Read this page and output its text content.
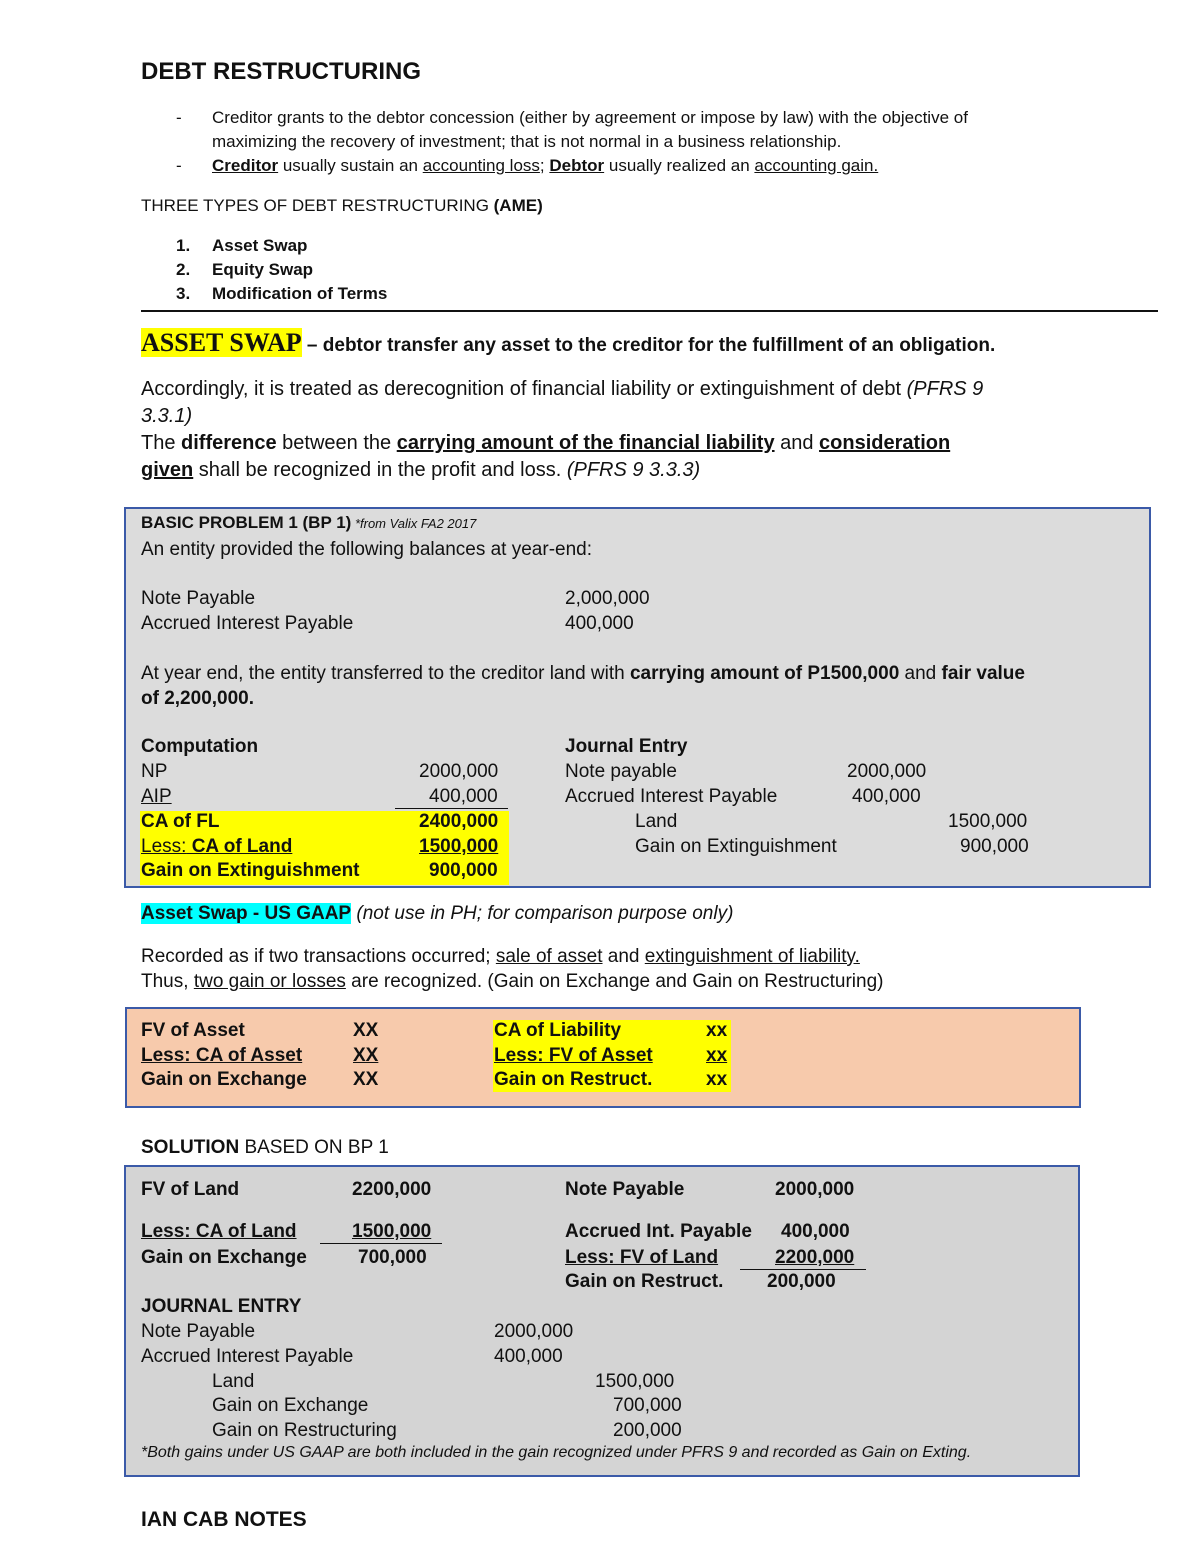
DEBT RESTRUCTURING
- Creditor grants to the debtor concession (either by agreement or impose by law) with the objective of
maximizing the recovery of investment; that is not normal in a business relationship.
- Creditor usually sustain an accounting loss; Debtor usually realized an accounting gain.
THREE TYPES OF DEBT RESTRUCTURING (AME)
1. Asset Swap
2. Equity Swap
3. Modification of Terms
ASSET SWAP – debtor transfer any asset to the creditor for the fulfillment of an obligation.
Accordingly, it is treated as derecognition of financial liability or extinguishment of debt (PFRS 9
3.3.1)
The difference between the carrying amount of the financial liability and consideration
given shall be recognized in the profit and loss. (PFRS 9 3.3.3)
BASIC PROBLEM 1 (BP 1) *from Valix FA2 2017
An entity provided the following balances at year-end:
Note Payable	2,000,000
Accrued Interest Payable	400,000
At year end, the entity transferred to the creditor land with carrying amount of P1500,000 and fair value
of 2,200,000.
Computation
NP	2000,000
AIP	400,000
CA of FL	2400,000
Less: CA of Land	1500,000
Gain on Extinguishment	900,000
Journal Entry
Note payable	2000,000
Accrued Interest Payable	400,000
Land	1500,000
Gain on Extinguishment	900,000
Asset Swap - US GAAP (not use in PH; for comparison purpose only)
Recorded as if two transactions occurred; sale of asset and extinguishment of liability.
Thus, two gain or losses are recognized. (Gain on Exchange and Gain on Restructuring)
FV of Asset	XX
Less: CA of Asset	XX
Gain on Exchange XX
CA of Liability	xx
Less: FV of Asset	xx
Gain on Restruct.	xx
SOLUTION BASED ON BP 1
FV of Land	2200,000
Less: CA of Land	1500,000
Gain on Exchange	700,000
Note Payable	2000,000
Accrued Int. Payable 400,000
Less: FV of Land	2200,000
Gain on Restruct. 200,000
JOURNAL ENTRY
Note Payable	2000,000
Accrued Interest Payable	400,000
Land	1500,000
Gain on Exchange	700,000
Gain on Restructuring	200,000
*Both gains under US GAAP are both included in the gain recognized under PFRS 9 and recorded as Gain on Exting.
IAN CAB NOTES
